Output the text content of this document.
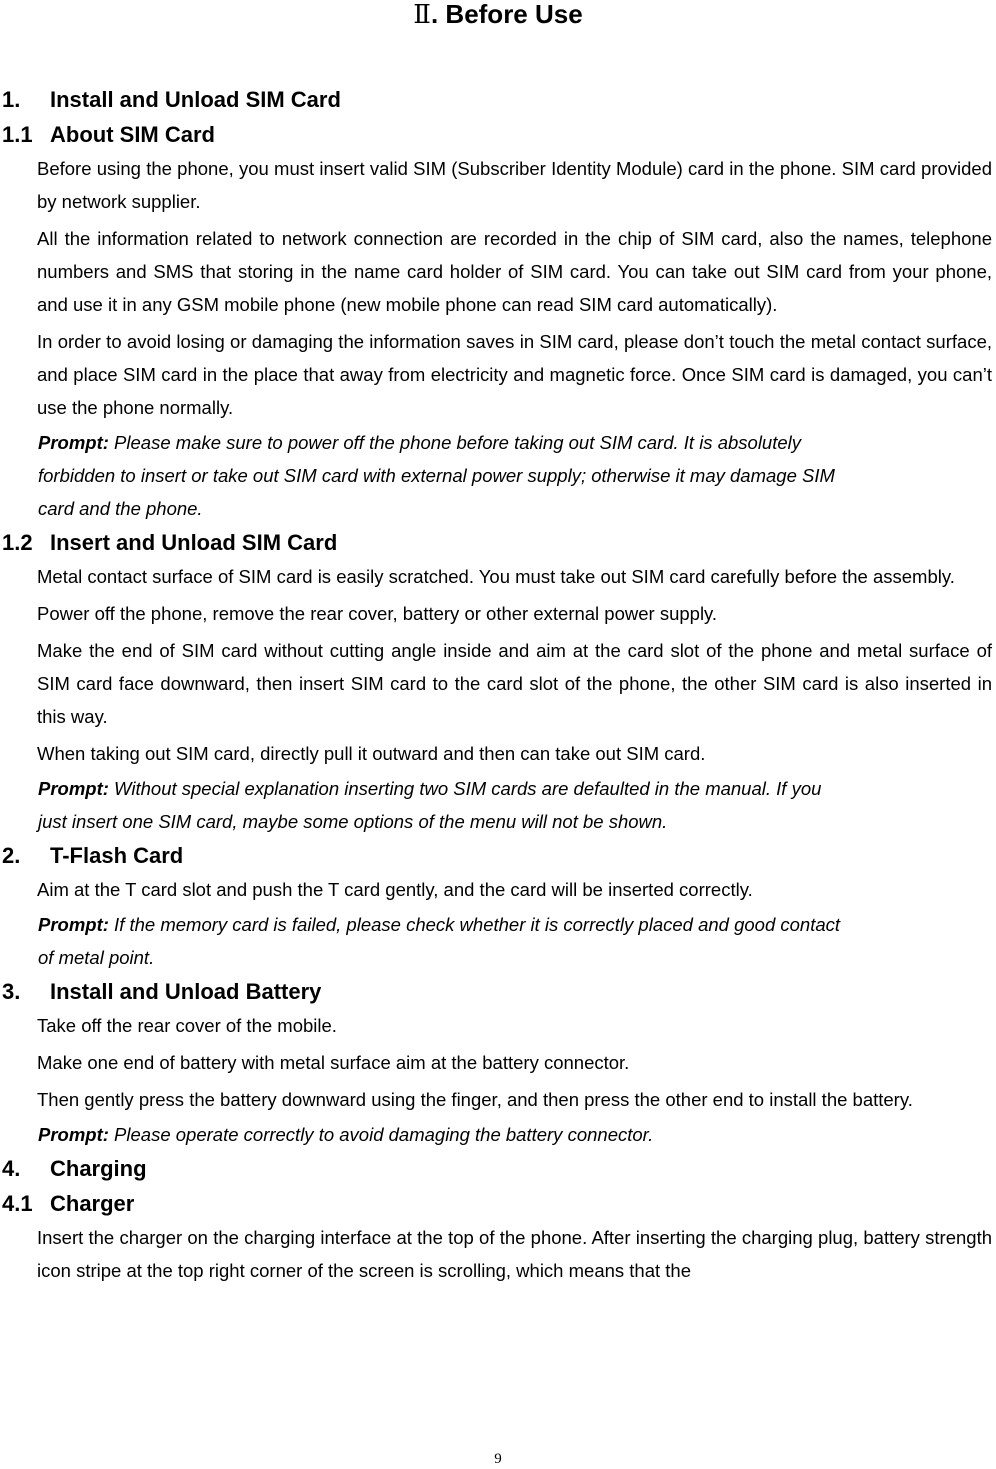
Ⅱ. Before Use
1. Install and Unload SIM Card
1.1 About SIM Card

Before using the phone, you must insert valid SIM (Subscriber Identity Module) card in the phone. SIM card provided by network supplier.

All the information related to network connection are recorded in the chip of SIM card, also the names, telephone numbers and SMS that storing in the name card holder of SIM card. You can take out SIM card from your phone, and use it in any GSM mobile phone (new mobile phone can read SIM card automatically).

In order to avoid losing or damaging the information saves in SIM card, please don’t touch the metal contact surface, and place SIM card in the place that away from electricity and magnetic force. Once SIM card is damaged, you can’t use the phone normally.

Prompt: Please make sure to power off the phone before taking out SIM card. It is absolutely
forbidden to insert or take out SIM card with external power supply; otherwise it may damage SIM
card and the phone.

1.2 Insert and Unload SIM Card

Metal contact surface of SIM card is easily scratched. You must take out SIM card carefully before the assembly.

Power off the phone, remove the rear cover, battery or other external power supply.

Make the end of SIM card without cutting angle inside and aim at the card slot of the phone and metal surface of SIM card face downward, then insert SIM card to the card slot of the phone, the other SIM card is also inserted in this way.

When taking out SIM card, directly pull it outward and then can take out SIM card.

Prompt: Without special explanation inserting two SIM cards are defaulted in the manual. If you
just insert one SIM card, maybe some options of the menu will not be shown.

2. T-Flash Card

Aim at the T card slot and push the T card gently, and the card will be inserted correctly.

Prompt: If the memory card is failed, please check whether it is correctly placed and good contact
of metal point.

3. Install and Unload Battery

Take off the rear cover of the mobile.

Make one end of battery with metal surface aim at the battery connector.

Then gently press the battery downward using the finger, and then press the other end to install the battery.

Prompt: Please operate correctly to avoid damaging the battery connector.

4. Charging
4.1 Charger

Insert the charger on the charging interface at the top of the phone. After inserting the charging plug, battery strength icon stripe at the top right corner of the screen is scrolling, which means that the

9
